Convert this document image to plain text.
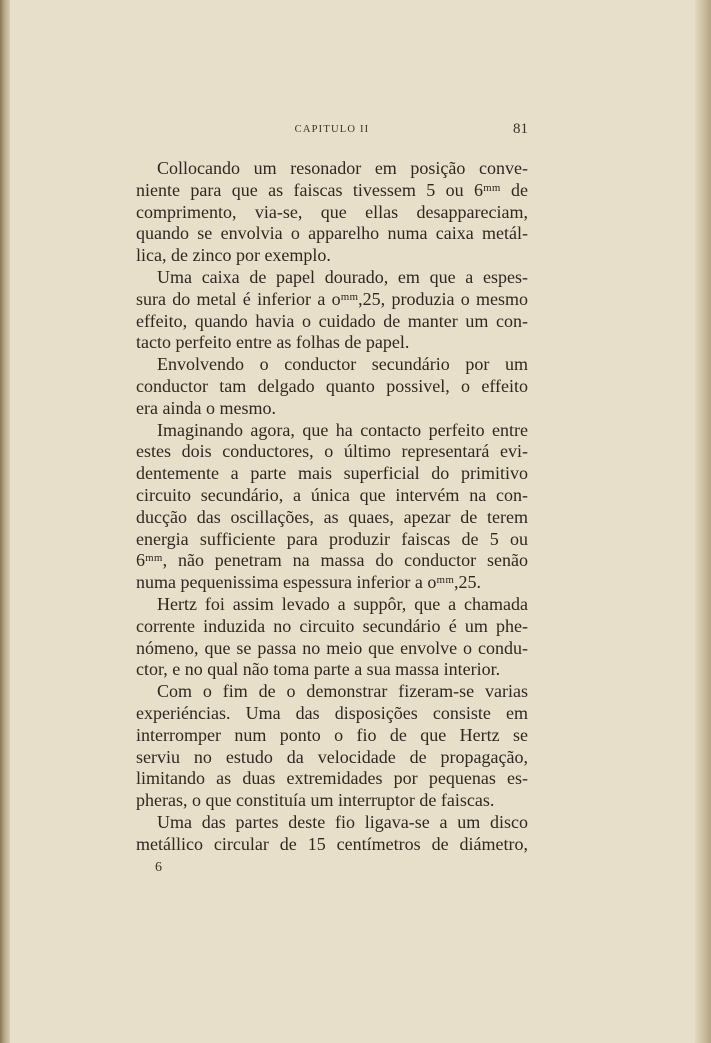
CAPITULO II	81
Collocando um resonador em posição conve-
niente para que as faiscas tivessem 5 ou 6ᵐᵐ de
comprimento, via-se, que ellas desappareciam,
quando se envolvia o apparelho numa caixa metál-
lica, de zinco por exemplo.
Uma caixa de papel dourado, em que a espes-
sura do metal é inferior a oᵐᵐ,25, produzia o mesmo
effeito, quando havia o cuidado de manter um con-
tacto perfeito entre as folhas de papel.
Envolvendo o conductor secundário por um
conductor tam delgado quanto possivel, o effeito
era ainda o mesmo.
Imaginando agora, que ha contacto perfeito entre
estes dois conductores, o último representará evi-
dentemente a parte mais superficial do primitivo
circuito secundário, a única que intervém na con-
ducção das oscillações, as quaes, apezar de terem
energia sufficiente para produzir faiscas de 5 ou
6ᵐᵐ, não penetram na massa do conductor senão
numa pequenissima espessura inferior a oᵐᵐ,25.
Hertz foi assim levado a suppôr, que a chamada
corrente induzida no circuito secundário é um phe-
nómeno, que se passa no meio que envolve o condu-
ctor, e no qual não toma parte a sua massa interior.
Com o fim de o demonstrar fizeram-se varias
experiéncias. Uma das disposições consiste em
interromper num ponto o fio de que Hertz se
serviu no estudo da velocidade de propagação,
limitando as duas extremidades por pequenas es-
pheras, o que constituía um interruptor de faiscas.
Uma das partes deste fio ligava-se a um disco
metállico circular de 15 centímetros de diámetro,
6
